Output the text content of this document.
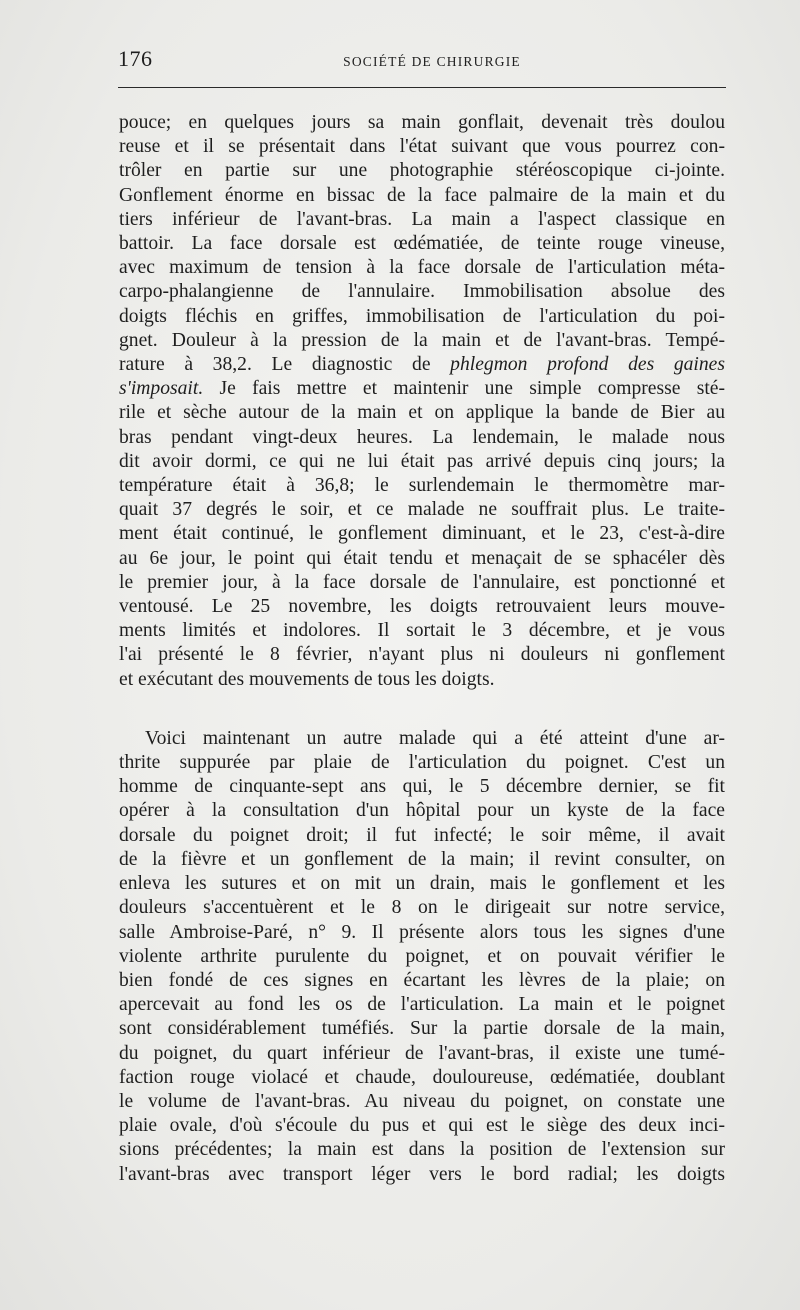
176	SOCIÉTÉ DE CHIRURGIE

pouce; en quelques jours sa main gonflait, devenait très doulou
reuse et il se présentait dans l'état suivant que vous pourrez con-
trôler en partie sur une photographie stéréoscopique ci-jointe.
Gonflement énorme en bissac de la face palmaire de la main et du
tiers inférieur de l'avant-bras. La main a l'aspect classique en
battoir. La face dorsale est œdématiée, de teinte rouge vineuse,
avec maximum de tension à la face dorsale de l'articulation méta-
carpo-phalangienne de l'annulaire. Immobilisation absolue des
doigts fléchis en griffes, immobilisation de l'articulation du poi-
gnet. Douleur à la pression de la main et de l'avant-bras. Tempé-
rature à 38,2. Le diagnostic de phlegmon profond des gaines
s'imposait. Je fais mettre et maintenir une simple compresse sté-
rile et sèche autour de la main et on applique la bande de Bier au
bras pendant vingt-deux heures. La lendemain, le malade nous
dit avoir dormi, ce qui ne lui était pas arrivé depuis cinq jours; la
température était à 36,8; le surlendemain le thermomètre mar-
quait 37 degrés le soir, et ce malade ne souffrait plus. Le traite-
ment était continué, le gonflement diminuant, et le 23, c'est-à-dire
au 6e jour, le point qui était tendu et menaçait de se sphacéler dès
le premier jour, à la face dorsale de l'annulaire, est ponctionné et
ventousé. Le 25 novembre, les doigts retrouvaient leurs mouve-
ments limités et indolores. Il sortait le 3 décembre, et je vous
l'ai présenté le 8 février, n'ayant plus ni douleurs ni gonflement
et exécutant des mouvements de tous les doigts.

Voici maintenant un autre malade qui a été atteint d'une ar-
thrite suppurée par plaie de l'articulation du poignet. C'est un
homme de cinquante-sept ans qui, le 5 décembre dernier, se fit
opérer à la consultation d'un hôpital pour un kyste de la face
dorsale du poignet droit; il fut infecté; le soir même, il avait
de la fièvre et un gonflement de la main; il revint consulter, on
enleva les sutures et on mit un drain, mais le gonflement et les
douleurs s'accentuèrent et le 8 on le dirigeait sur notre service,
salle Ambroise-Paré, n° 9. Il présente alors tous les signes d'une
violente arthrite purulente du poignet, et on pouvait vérifier le
bien fondé de ces signes en écartant les lèvres de la plaie; on
apercevait au fond les os de l'articulation. La main et le poignet
sont considérablement tuméfiés. Sur la partie dorsale de la main,
du poignet, du quart inférieur de l'avant-bras, il existe une tumé-
faction rouge violacé et chaude, douloureuse, œdématiée, doublant
le volume de l'avant-bras. Au niveau du poignet, on constate une
plaie ovale, d'où s'écoule du pus et qui est le siège des deux inci-
sions précédentes; la main est dans la position de l'extension sur
l'avant-bras avec transport léger vers le bord radial; les doigts
